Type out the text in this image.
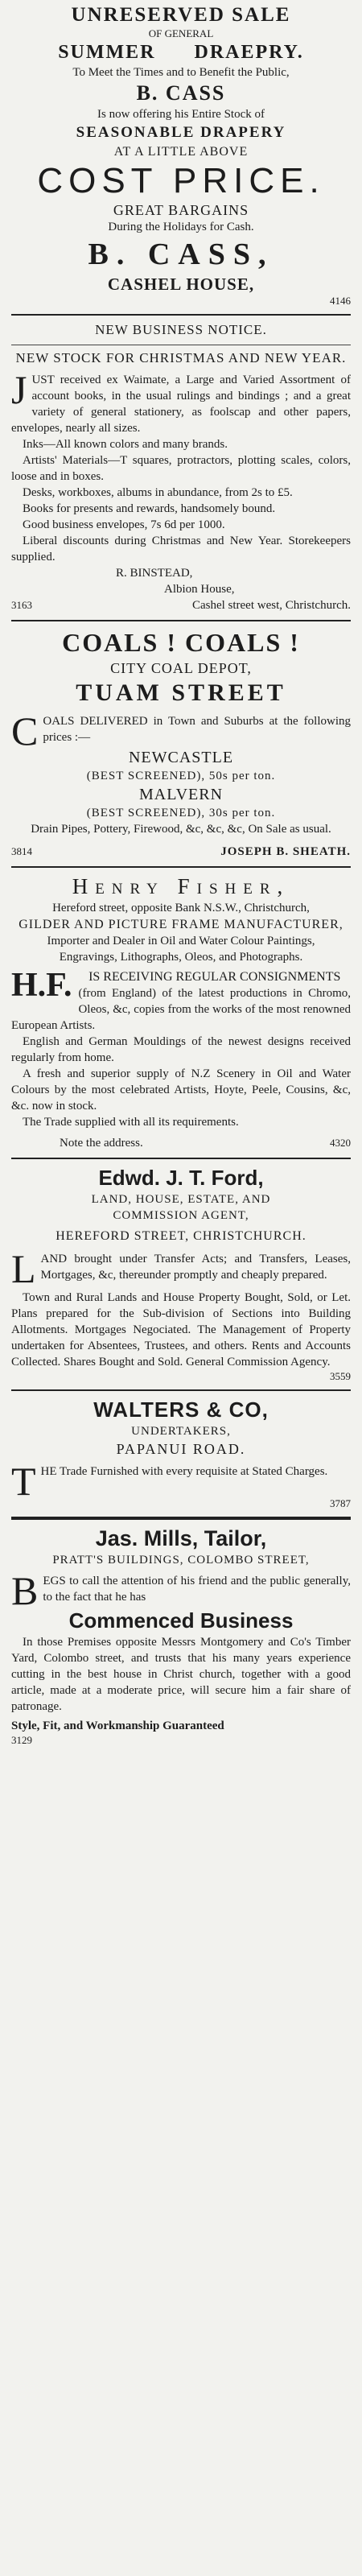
UNRESERVED SALE
OF GENERAL
SUMMER DRAEPRY.
To Meet the Times and to Benefit the Public,
B. CASS
Is now offering his Entire Stock of
SEASONABLE DRAPERY
AT A LITTLE ABOVE
COST PRICE.
GREAT BARGAINS
During the Holidays for Cash.
B. CASS,
CASHEL HOUSE,
4146
NEW BUSINESS NOTICE.
NEW STOCK FOR CHRISTMAS AND NEW YEAR.
J UST received ex Waimate, a Large and Varied Assortment of account books, in the usual rulings and bindings ; and a great variety of general stationery, as foolscap and other papers, envelopes, nearly all sizes.
Inks—All known colors and many brands.
Artists' Materials—T squares, protractors, plotting scales, colors, loose and in boxes.
Desks, workboxes, albums in abundance, from 2s to £5.
Books for presents and rewards, handsomely bound.
Good business envelopes, 7s 6d per 1000.
Liberal discounts during Christmas and New Year. Storekeepers supplied.
R. BINSTEAD,
Albion House,
3163	Cashel street west, Christchurch.
COALS ! COALS !
CITY COAL DEPOT,
TUAM STREET
C OALS DELIVERED in Town and Suburbs at the following prices :—
NEWCASTLE
(BEST SCREENED), 50s per ton.
MALVERN
(BEST SCREENED), 30s per ton.
Drain Pipes, Pottery, Firewood, &c, &c, &c, On Sale as usual.
3814	JOSEPH B. SHEATH.
Henry Fisher,
Hereford street, opposite Bank N.S.W., Christchurch,
GILDER AND PICTURE FRAME MANUFACTURER,
Importer and Dealer in Oil and Water Colour Paintings,
Engravings, Lithographs, Oleos, and Photographs.
H.F.	IS RECEIVING REGULAR CONSIGNMENTS
(from England) of the latest productions in Chromo, Oleos, &c, copies from the works of the most renowned European Artists.
English and German Mouldings of the newest designs received regularly from home.
A fresh and superior supply of N.Z Scenery in Oil and Water Colours by the most celebrated Artists, Hoyte, Peele, Cousins, &c, &c. now in stock.
The Trade supplied with all its requirements.
Note the address.	4320
Edwd. J. T. Ford,
LAND, HOUSE, ESTATE, AND
COMMISSION AGENT,
HEREFORD STREET, CHRISTCHURCH.
L AND brought under Transfer Acts; and Transfers, Leases, Mortgages, &c, thereunder promptly and cheaply prepared.
Town and Rural Lands and House Property Bought, Sold, or Let. Plans prepared for the Sub-division of Sections into Building Allotments. Mortgages Negociated. The Management of Property undertaken for Absentees, Trustees, and others. Rents and Accounts Collected. Shares Bought and Sold. General Commission Agency.
3559
WALTERS & CO,
UNDERTAKERS,
PAPANUI ROAD.
T HE Trade Furnished with every requisite at Stated Charges.
3787
Jas. Mills, Tailor,
PRATT'S BUILDINGS, COLOMBO STREET,
B EGS to call the attention of his friend and the public generally, to the fact that he has
Commenced Business
In those Premises opposite Messrs Montgomery and Co's Timber Yard, Colombo street, and trusts that his many years experience cutting in the best house in Christ church, together with a good article, made at a moderate price, will secure him a fair share of patronage.
Style, Fit, and Workmanship Guaranteed
3129
